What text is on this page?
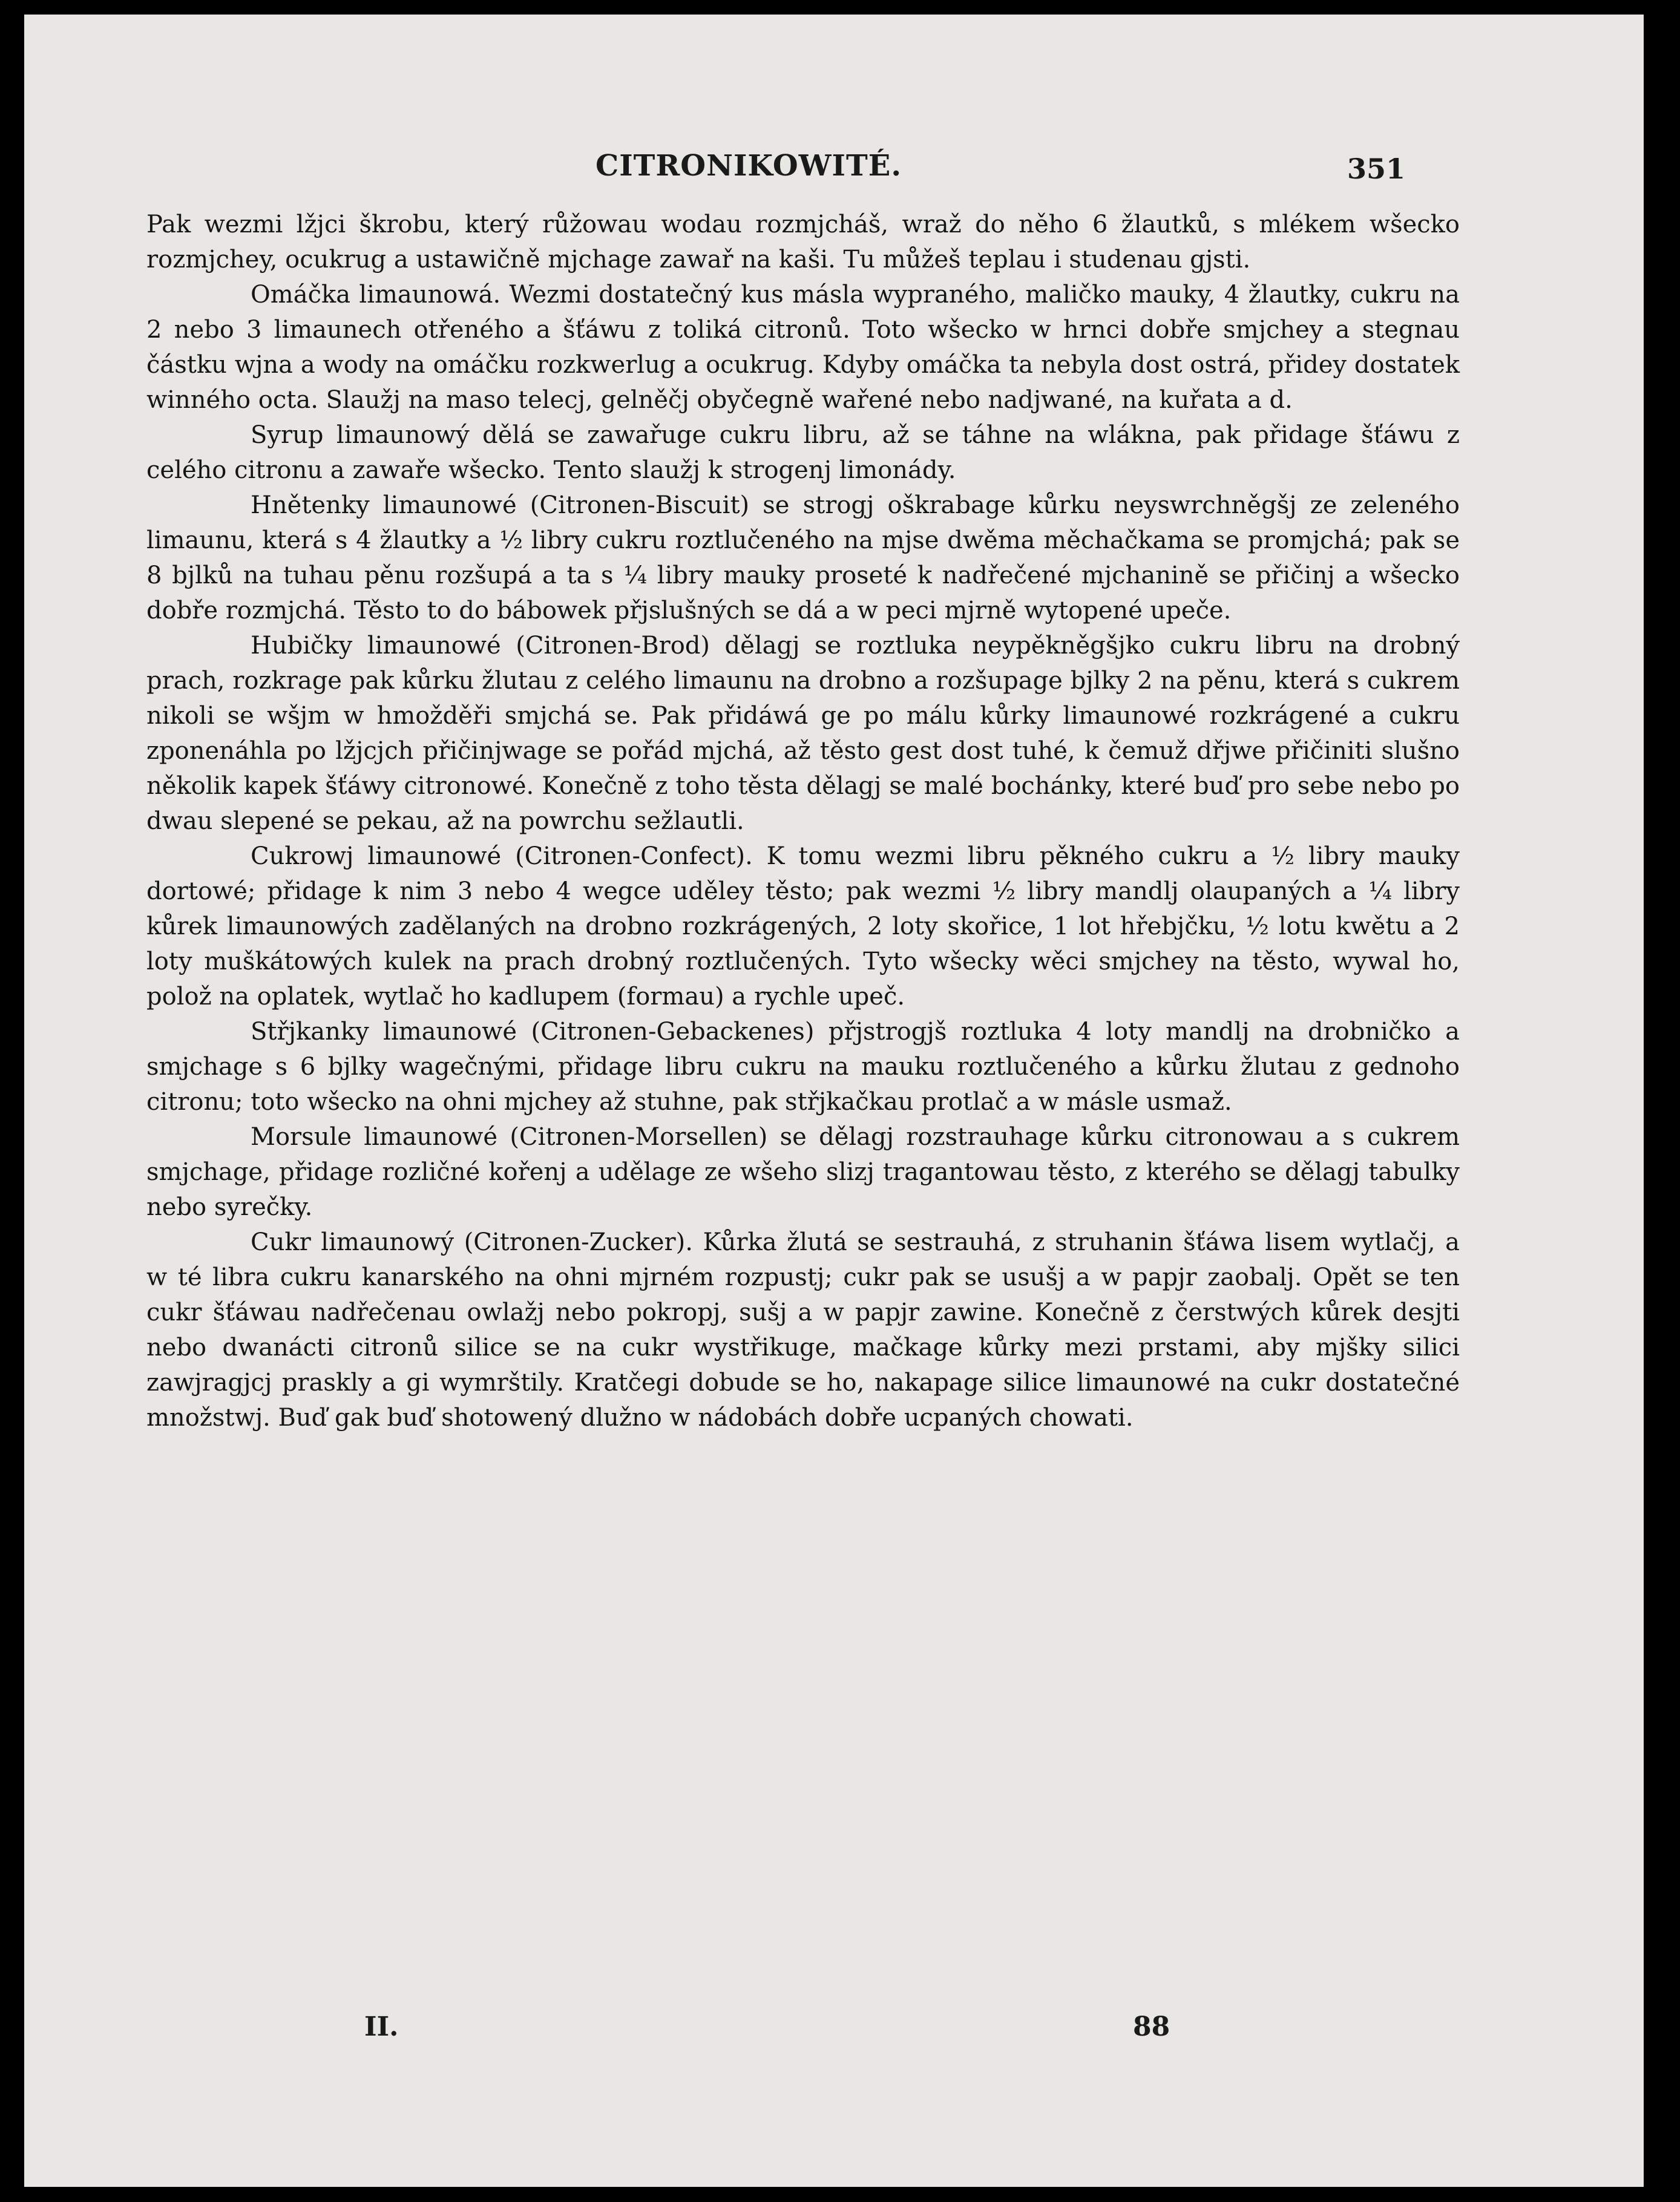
CITRONIKOWITÉ.	351

Pak wezmi lžjci škrobu, který růžowau wodau rozmjcháš, wraž do něho 6 žlautků, s mlékem wšecko rozmjchey, ocukrug a ustawičně mjchage zawař na kaši. Tu můžeš teplau i studenau gjsti.

Omáčka limaunowá. Wezmi dostatečný kus másla wypraného, maličko mauky, 4 žlautky, cukru na 2 nebo 3 limaunech otřeného a šťáwu z toliká citronů. Toto wšecko w hrnci dobře smjchey a stegnau částku wjna a wody na omáčku rozkwerlug a ocukrug. Kdyby omáčka ta nebyla dost ostrá, přidey dostatek winného octa. Slaužj na maso telecj, gelněčj obyčegně wařené nebo nadjwané, na kuřata a d.

Syrup limaunowý dělá se zawařuge cukru libru, až se táhne na wlákna, pak přidage šťáwu z celého citronu a zawaře wšecko. Tento slaužj k strogenj limonády.

Hnětenky limaunowé (Citronen-Biscuit) se strogj oškrabage kůrku neyswrchněgšj ze zeleného limaunu, která s 4 žlautky a ½ libry cukru roztlučeného na mjse dwěma měchačkama se promjchá; pak se 8 bjlků na tuhau pěnu rozšupá a ta s ¼ libry mauky proseté k nadřečené mjchanině se přičinj a wšecko dobře rozmjchá. Těsto to do bábowek přjslušných se dá a w peci mjrně wytopené upeče.

Hubičky limaunowé (Citronen-Brod) dělagj se roztluka neypěkněgšjko cukru libru na drobný prach, rozkrage pak kůrku žlutau z celého limaunu na drobno a rozšupage bjlky 2 na pěnu, která s cukrem nikoli se wšjm w hmožděři smjchá se. Pak přidáwá ge po málu kůrky limaunowé rozkrágené a cukru zponenáhla po lžjcjch přičinjwage se pořád mjchá, až těsto gest dost tuhé, k čemuž dřjwe přičiniti slušno několik kapek šťáwy citronowé. Konečně z toho těsta dělagj se malé bochánky, které buď pro sebe nebo po dwau slepené se pekau, až na powrchu sežlautli.

Cukrowj limaunowé (Citronen-Confect). K tomu wezmi libru pěkného cukru a ½ libry mauky dortowé; přidage k nim 3 nebo 4 wegce uděley těsto; pak wezmi ½ libry mandlj olaupaných a ¼ libry kůrek limaunowých zadělaných na drobno rozkrágených, 2 loty skořice, 1 lot hřebjčku, ½ lotu kwětu a 2 loty muškátowých kulek na prach drobný roztlučených. Tyto wšecky wěci smjchey na těsto, wywal ho, polož na oplatek, wytlač ho kadlupem (formau) a rychle upeč.

Střjkanky limaunowé (Citronen-Gebackenes) přjstrogjš roztluka 4 loty mandlj na drobničko a smjchage s 6 bjlky wagečnými, přidage libru cukru na mauku roztlučeného a kůrku žlutau z gednoho citronu; toto wšecko na ohni mjchey až stuhne, pak střjkačkau protlač a w másle usmaž.

Morsule limaunowé (Citronen-Morsellen) se dělagj rozstrauhage kůrku citronowau a s cukrem smjchage, přidage rozličné kořenj a udělage ze wšeho slizj tragantowau těsto, z kterého se dělagj tabulky nebo syrečky.

Cukr limaunowý (Citronen-Zucker). Kůrka žlutá se sestrauhá, z struhanin šťáwa lisem wytlačj, a w té libra cukru kanarského na ohni mjrném rozpustj; cukr pak se usušj a w papjr zaobalj. Opět se ten cukr šťáwau nadřečenau owlažj nebo pokropj, sušj a w papjr zawine. Konečně z čerstwých kůrek desjti nebo dwanácti citronů silice se na cukr wystřikuge, mačkage kůrky mezi prstami, aby mjšky silici zawjragjcj praskly a gi wymrštily. Kratčegi dobude se ho, nakapage silice limaunowé na cukr dostatečné množstwj. Buď gak buď shotowený dlužno w nádobách dobře ucpaných chowati.

II.	88
